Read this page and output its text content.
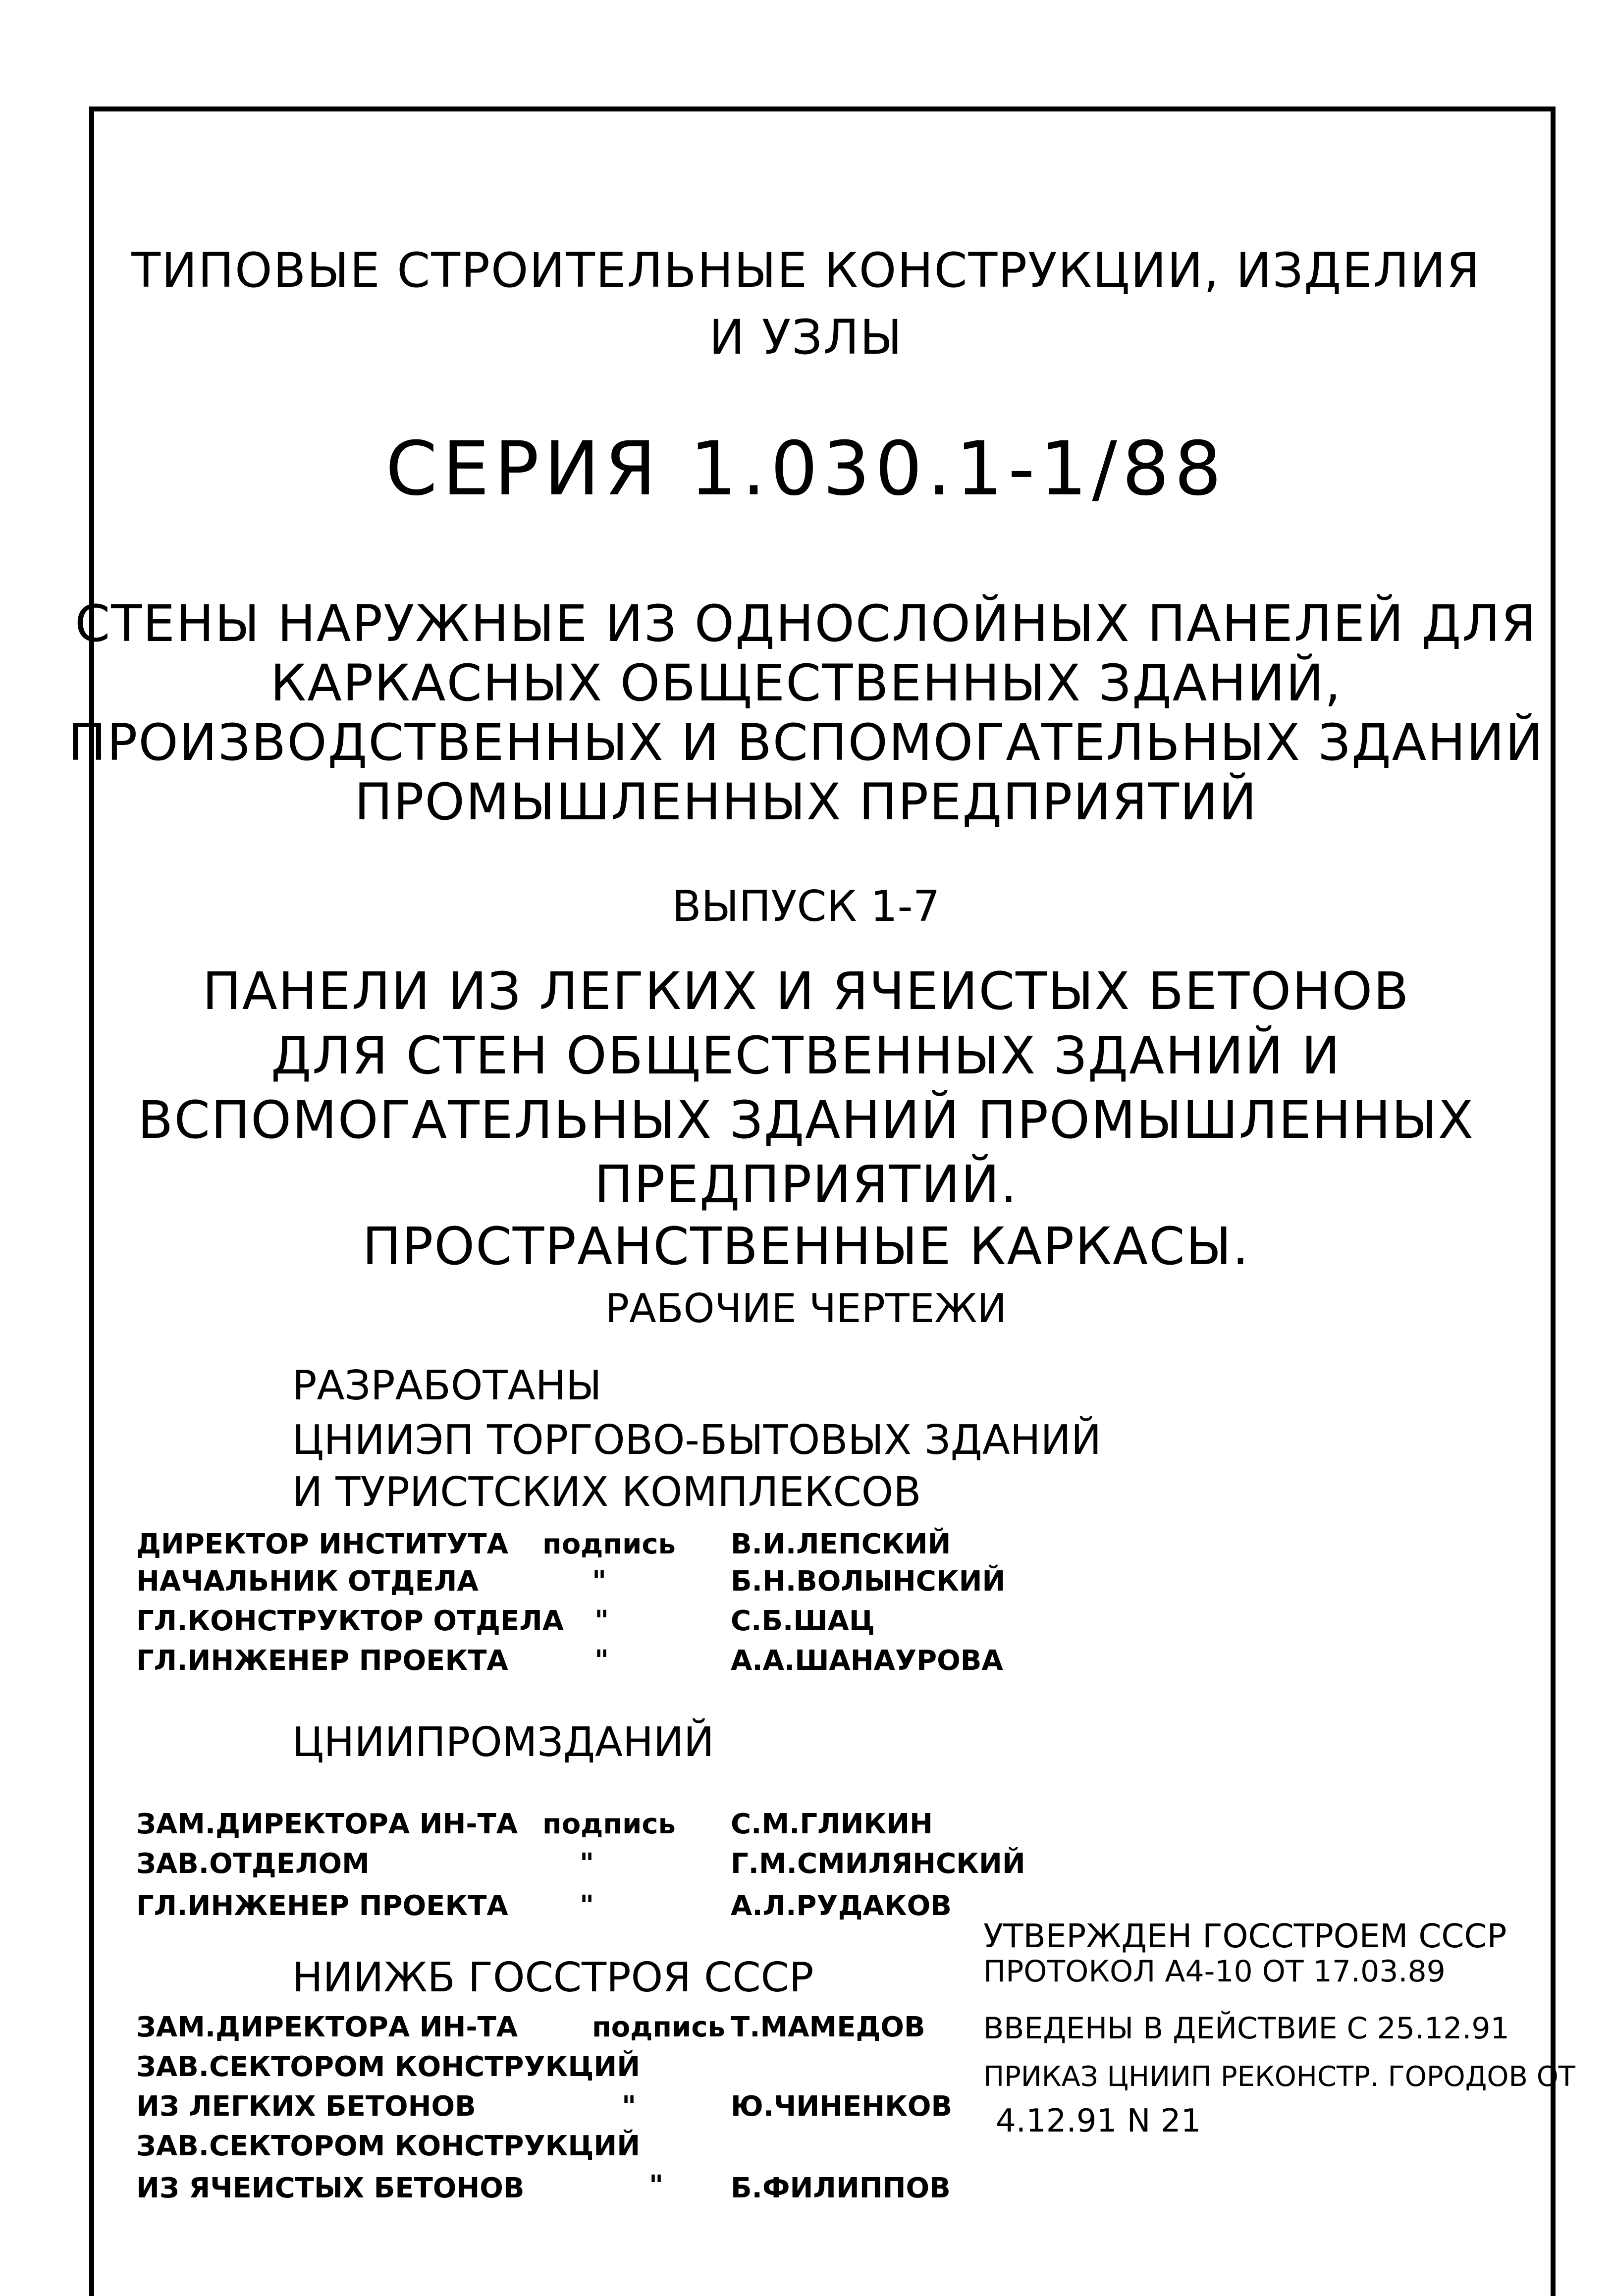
ТИПОВЫЕ СТРОИТЕЛЬНЫЕ КОНСТРУКЦИИ, ИЗДЕЛИЯ
И УЗЛЫ
СЕРИЯ 1.030.1-1/88
СТЕНЫ НАРУЖНЫЕ ИЗ ОДНОСЛОЙНЫХ ПАНЕЛЕЙ ДЛЯ
КАРКАСНЫХ ОБЩЕСТВЕННЫХ ЗДАНИЙ,
ПРОИЗВОДСТВЕННЫХ И ВСПОМОГАТЕЛЬНЫХ ЗДАНИЙ
ПРОМЫШЛЕННЫХ ПРЕДПРИЯТИЙ
ВЫПУСК 1-7
ПАНЕЛИ ИЗ ЛЕГКИХ И ЯЧЕИСТЫХ БЕТОНОВ
ДЛЯ СТЕН ОБЩЕСТВЕННЫХ ЗДАНИЙ И
ВСПОМОГАТЕЛЬНЫХ ЗДАНИЙ ПРОМЫШЛЕННЫХ
ПРЕДПРИЯТИЙ.
ПРОСТРАНСТВЕННЫЕ КАРКАСЫ.
РАБОЧИЕ ЧЕРТЕЖИ
РАЗРАБОТАНЫ
ЦНИИЭП ТОРГОВО-БЫТОВЫХ ЗДАНИЙ
И ТУРИСТСКИХ КОМПЛЕКСОВ
ДИРЕКТОР ИНСТИТУТА подпись В.И.ЛЕПСКИЙ
НАЧАЛЬНИК ОТДЕЛА	"	Б.Н.ВОЛЫНСКИЙ
ГЛ.КОНСТРУКТОР ОТДЕЛА "	С.Б.ШАЦ
ГЛ.ИНЖЕНЕР ПРОЕКТА	"	А.А.ШАНАУРОВА
ЦНИИПРОМЗДАНИЙ
ЗАМ.ДИРЕКТОРА ИН-ТА подпись С.М.ГЛИКИН
ЗАВ.ОТДЕЛОМ	"	Г.М.СМИЛЯНСКИЙ
ГЛ.ИНЖЕНЕР ПРОЕКТА	"	А.Л.РУДАКОВ
НИИЖБ ГОССТРОЯ СССР
ЗАМ.ДИРЕКТОРА ИН-ТА	подпись Т.МАМЕДОВ
ЗАВ.СЕКТОРОМ КОНСТРУКЦИЙ
ИЗ ЛЕГКИХ БЕТОНОВ	"	Ю.ЧИНЕНКОВ
ЗАВ.СЕКТОРОМ КОНСТРУКЦИЙ
ИЗ ЯЧЕИСТЫХ БЕТОНОВ	" Б.ФИЛИППОВ
УТВЕРЖДЕН ГОССТРОЕМ СССР
ПРОТОКОЛ А4-10 ОТ 17.03.89
ВВЕДЕНЫ В ДЕЙСТВИЕ С 25.12.91
ПРИКАЗ ЦНИИП РЕКОНСТР. ГОРОДОВ ОТ
4.12.91 N 21
